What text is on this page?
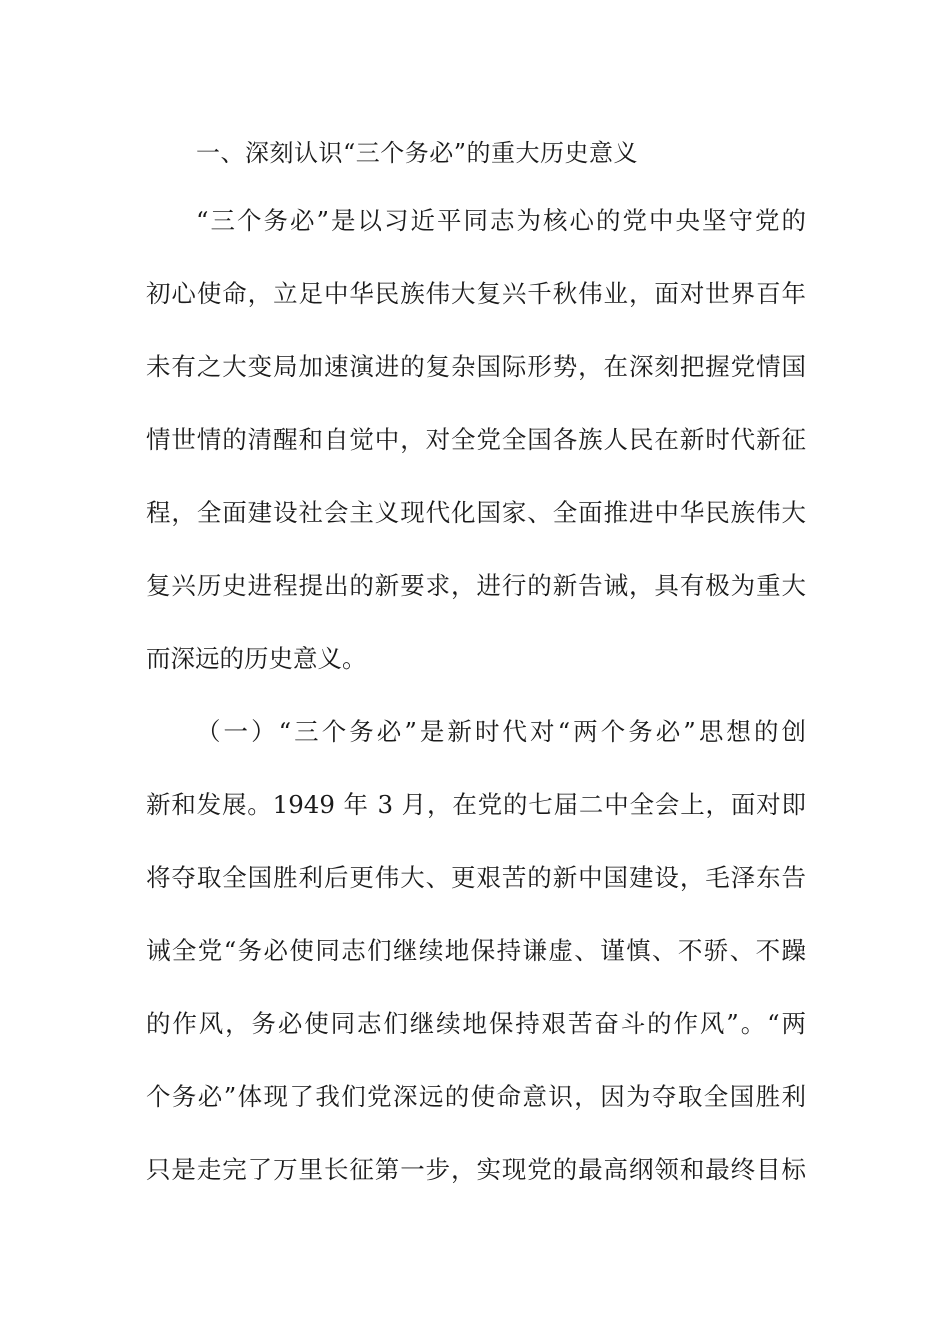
一、深刻认识“三个务必”的重大历史意义
“三个务必”是以习近平同志为核心的党中央坚守党的
初心使命，立足中华民族伟大复兴千秋伟业，面对世界百年
未有之大变局加速演进的复杂国际形势，在深刻把握党情国
情世情的清醒和自觉中，对全党全国各族人民在新时代新征
程，全面建设社会主义现代化国家、全面推进中华民族伟大
复兴历史进程提出的新要求，进行的新告诫，具有极为重大
而深远的历史意义。
（一）“三个务必”是新时代对“两个务必”思想的创
新和发展。1949 年 3 月，在党的七届二中全会上，面对即
将夺取全国胜利后更伟大、更艰苦的新中国建设，毛泽东告
诫全党“务必使同志们继续地保持谦虚、谨慎、不骄、不躁
的作风，务必使同志们继续地保持艰苦奋斗的作风”。“两
个务必”体现了我们党深远的使命意识，因为夺取全国胜利
只是走完了万里长征第一步，实现党的最高纲领和最终目标
